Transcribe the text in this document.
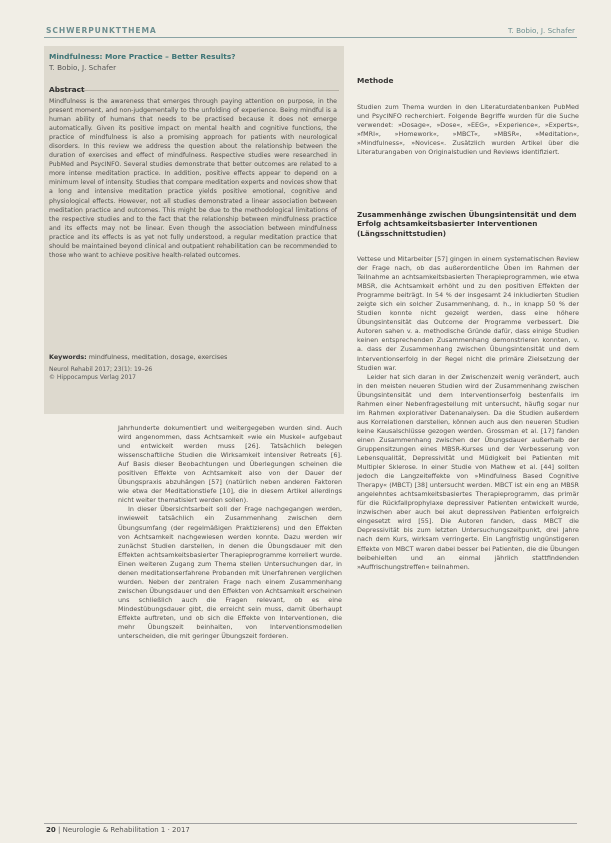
SCHWERPUNKTTHEMA	T. Bobio, J. Schafer
Mindfulness: More Practice – Better Results?
T. Bobio, J. Schafer
Abstract
Mindfulness is the awareness that emerges through paying attention on purpose, in the present moment, and non-judgementally to the unfolding of experience. Being mindful is a human ability of humans that needs to be practised because it does not emerge automatically. Given its positive impact on mental health and cognitive functions, the practice of mindfulness is also a promising approach for patients with neurological disorders. In this review we address the question about the relationship between the duration of exercises and effect of mindfulness. Respective studies were researched in PubMed and PsycINFO. Several studies demonstrate that better outcomes are related to a more intense meditation practice. In addition, positive effects appear to depend on a minimum level of intensity. Studies that compare meditation experts and novices show that a long and intensive meditation practice yields positive emotional, cognitive and physiological effects. However, not all studies demonstrated a linear association between meditation practice and outcomes. This might be due to the methodological limitations of the respective studies and to the fact that the relationship between mindfulness practice and its effects may not be linear. Even though the association between mindfulness practice and its effects is as yet not fully understood, a regular meditation practice that should be maintained beyond clinical and outpatient rehabilitation can be recommended to those who want to achieve positive health-related outcomes.
Keywords: mindfulness, meditation, dosage, exercises
Neurol Rehabil 2017; 23(1): 19–26
© Hippocampus Verlag 2017
Jahrhunderte dokumentiert und weitergegeben wurden sind. Auch wird angenommen, dass Achtsamkeit »wie ein Muskel« aufgebaut und entwickelt werden muss [26]. Tatsächlich belegen wissenschaftliche Studien die Wirksamkeit intensiver Retreats [6]. Auf Basis dieser Beobachtungen und Überlegungen scheinen die positiven Effekte von Achtsamkeit also von der Dauer der Übungspraxis abzuhängen [57] (natürlich neben anderen Faktoren wie etwa der Meditationstiefe [10], die in diesem Artikel allerdings nicht weiter thematisiert werden sollen).
In dieser Übersichtsarbeit soll der Frage nachgegangen werden, inwieweit tatsächlich ein Zusammenhang zwischen dem Übungsumfang (der regelmäßigen Praktizierens) und den Effekten von Achtsamkeit nachgewiesen werden konnte. Dazu werden wir zunächst Studien darstellen, in denen die Übungsdauer mit den Effekten achtsamkeitsbasierter Therapieprogramme korreliert wurde. Einen weiteren Zugang zum Thema stellen Untersuchungen dar, in denen meditationserfahrene Probanden mit Unerfahrenen verglichen wurden. Neben der zentralen Frage nach einem Zusammenhang zwischen Übungsdauer und den Effekten von Achtsamkeit erscheinen uns schließlich auch die Fragen relevant, ob es eine Mindestübungsdauer gibt, die erreicht sein muss, damit überhaupt Effekte auftreten, und ob sich die Effekte von Interventionen, die mehr Übungszeit beinhalten, von Interventionsmodellen unterscheiden, die mit geringer Übungszeit forderen.
Methode
Studien zum Thema wurden in den Literaturdatenbanken PubMed und PsycINFO recherchiert. Folgende Begriffe wurden für die Suche verwendet: »Dosage«, »Dose«, »EEG«, »Experience«, »Experts«, »fMRI«, »Homework«, »MBCT«, »MBSR«, »Meditation«, »Mindfulness«, »Novices«. Zusätzlich wurden Artikel über die Literaturangaben von Originalstudien und Reviews identifiziert.
Zusammenhänge zwischen Übungsintensität und dem Erfolg achtsamkeitsbasierter Interventionen (Längsschnittstudien)
Vettese und Mitarbeiter [57] gingen in einem systematischen Review der Frage nach, ob das außerordentliche Üben im Rahmen der Teilnahme an achtsamkeitsbasierten Therapieprogrammen, wie etwa MBSR, die Achtsamkeit erhöht und zu den positiven Effekten der Programme beiträgt. In 54 % der insgesamt 24 inkludierten Studien zeigte sich ein solcher Zusammenhang, d. h., in knapp 50 % der Studien konnte nicht gezeigt werden, dass eine höhere Übungsintensität das Outcome der Programme verbessert. Die Autoren sahen v. a. methodische Gründe dafür, dass einige Studien keinen entsprechenden Zusammenhang demonstrieren konnten, v. a. dass der Zusammenhang zwischen Übungsintensität und dem Interventionserfolg in der Regel nicht die primäre Zielsetzung der Studien war.
Leider hat sich daran in der Zwischenzeit wenig verändert, auch in den meisten neueren Studien wird der Zusammenhang zwischen Übungsintensität und dem Interventionserfolg bestenfalls im Rahmen einer Nebenfragestellung mit untersucht, häufig sogar nur im Rahmen explorativer Datenanalysen. Da die Studien außerdem aus Korrelationen darstellen, können auch aus den neueren Studien keine Kausalschlüsse gezogen werden. Grossman et al. [17] fanden einen Zusammenhang zwischen der Übungsdauer außerhalb der Gruppensitzungen eines MBSR-Kurses und der Verbesserung von Lebensqualität, Depressivität und Müdigkeit bei Patienten mit Multipler Sklerose. In einer Studie von Mathew et al. [44] sollten jedoch die Langzeiteffekte von »Mindfulness Based Cognitive Therapy« (MBCT) [38] untersucht werden. MBCT ist ein eng an MBSR angelehntes achtsamkeitsbasiertes Therapieprogramm, das primär für die Rückfallprophylaxe depressiver Patienten entwickelt wurde, inzwischen aber auch bei akut depressiven Patienten erfolgreich eingesetzt wird [55]. Die Autoren fanden, dass MBCT die Depressivität bis zum letzten Untersuchungszeitpunkt, drei Jahre nach dem Kurs, wirksam verringerte. Ein Langfristig ungünstigeren Effekte von MBCT waren dabei besser bei Patienten, die die Übungen beibehielten und an einmal jährlich stattfindenden »Auffrischungstreffen« teilnahmen.
20 | Neurologie & Rehabilitation 1 · 2017
